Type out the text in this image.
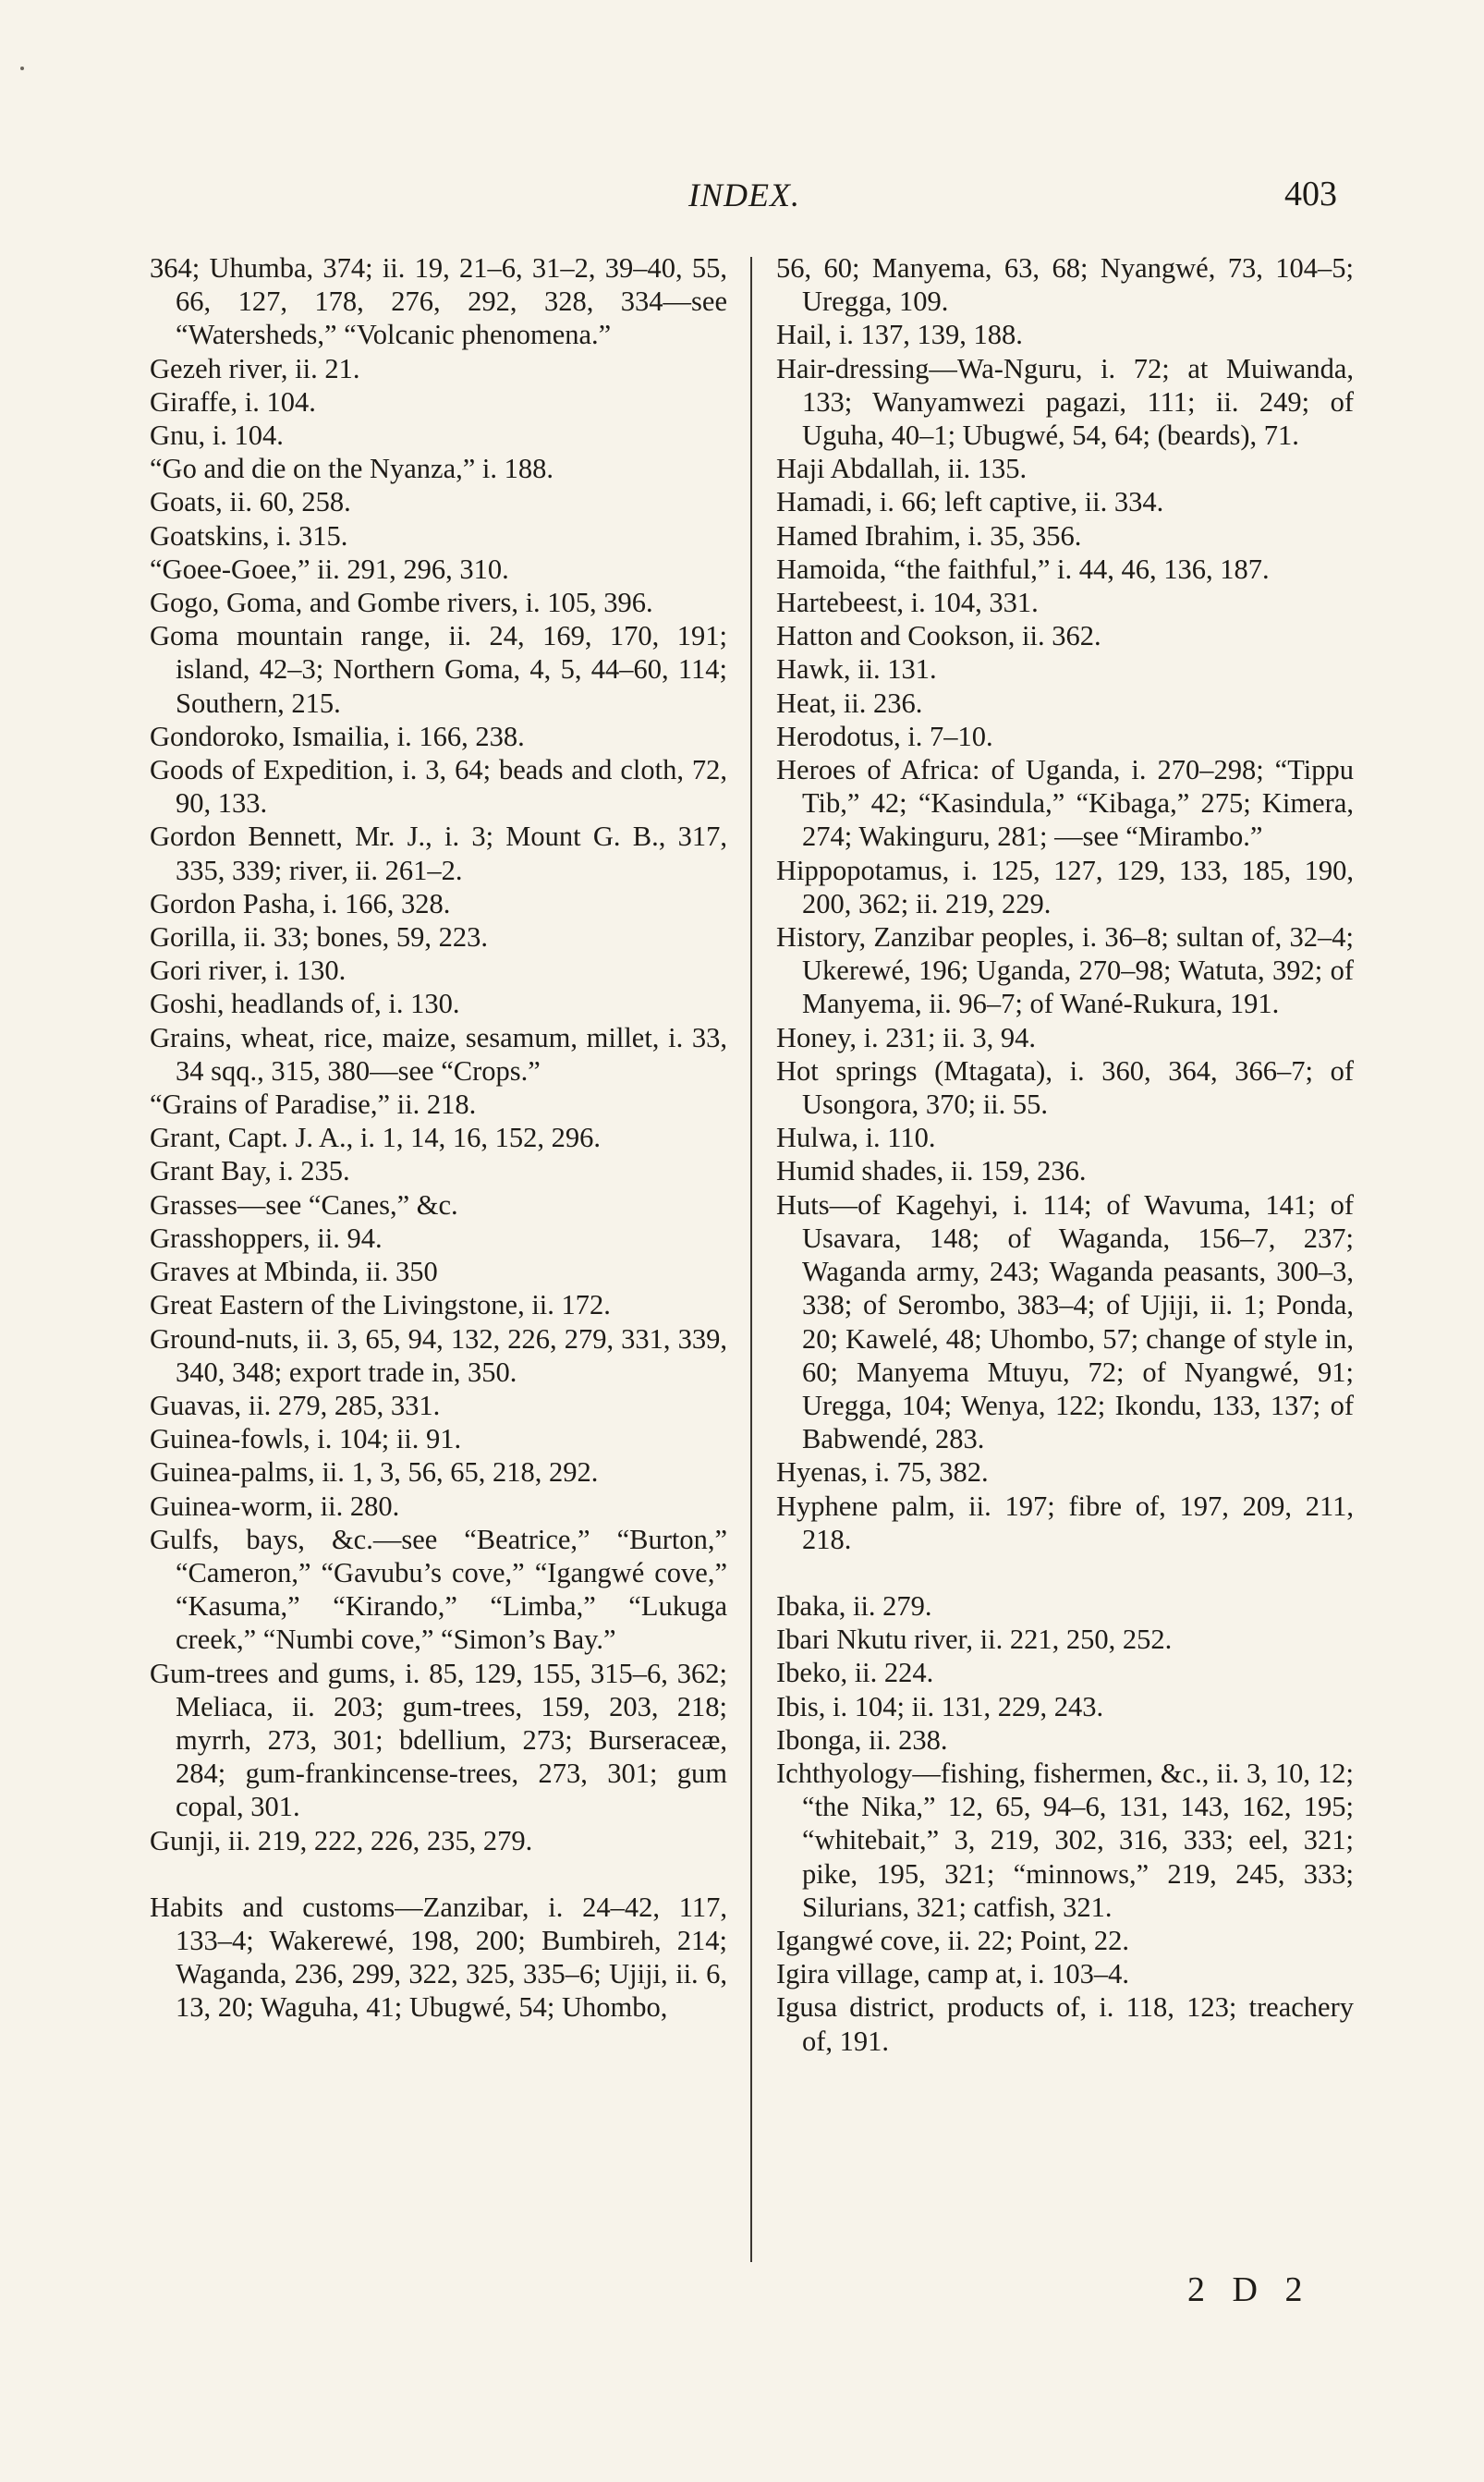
INDEX.	403

364; Uhumba, 374; ii. 19, 21–6, 31–2, 39–40, 55, 66, 127, 178, 276, 292, 328, 334—see “Watersheds,” “Volcanic phenomena.”

Gezeh river, ii. 21.

Giraffe, i. 104.

Gnu, i. 104.

“Go and die on the Nyanza,” i. 188.

Goats, ii. 60, 258.

Goatskins, i. 315.

“Goee-Goee,” ii. 291, 296, 310.

Gogo, Goma, and Gombe rivers, i. 105, 396.

Goma mountain range, ii. 24, 169, 170, 191; island, 42–3; Northern Goma, 4, 5, 44–60, 114; Southern, 215.

Gondoroko, Ismailia, i. 166, 238.

Goods of Expedition, i. 3, 64; beads and cloth, 72, 90, 133.

Gordon Bennett, Mr. J., i. 3; Mount G. B., 317, 335, 339; river, ii. 261–2.

Gordon Pasha, i. 166, 328.

Gorilla, ii. 33; bones, 59, 223.

Gori river, i. 130.

Goshi, headlands of, i. 130.

Grains, wheat, rice, maize, sesamum, millet, i. 33, 34 sqq., 315, 380—see “Crops.”

“Grains of Paradise,” ii. 218.

Grant, Capt. J. A., i. 1, 14, 16, 152, 296.

Grant Bay, i. 235.

Grasses—see “Canes,” &c.

Grasshoppers, ii. 94.

Graves at Mbinda, ii. 350

Great Eastern of the Livingstone, ii. 172.

Ground-nuts, ii. 3, 65, 94, 132, 226, 279, 331, 339, 340, 348; export trade in, 350.

Guavas, ii. 279, 285, 331.

Guinea-fowls, i. 104; ii. 91.

Guinea-palms, ii. 1, 3, 56, 65, 218, 292.

Guinea-worm, ii. 280.

Gulfs, bays, &c.—see “Beatrice,” “Burton,” “Cameron,” “Gavubu’s cove,” “Igangwé cove,” “Kasuma,” “Kirando,” “Limba,” “Lukuga creek,” “Numbi cove,” “Simon’s Bay.”

Gum-trees and gums, i. 85, 129, 155, 315–6, 362; Meliaca, ii. 203; gum-trees, 159, 203, 218; myrrh, 273, 301; bdellium, 273; Burseraceæ, 284; gum-frankincense-trees, 273, 301; gum copal, 301.

Gunji, ii. 219, 222, 226, 235, 279.

Habits and customs—Zanzibar, i. 24–42, 117, 133–4; Wakerewé, 198, 200; Bumbireh, 214; Waganda, 236, 299, 322, 325, 335–6; Ujiji, ii. 6, 13, 20; Waguha, 41; Ubugwé, 54; Uhombo,

56, 60; Manyema, 63, 68; Nyangwé, 73, 104–5; Uregga, 109.

Hail, i. 137, 139, 188.

Hair-dressing—Wa-Nguru, i. 72; at Muiwanda, 133; Wanyamwezi pagazi, 111; ii. 249; of Uguha, 40–1; Ubugwé, 54, 64; (beards), 71.

Haji Abdallah, ii. 135.

Hamadi, i. 66; left captive, ii. 334.

Hamed Ibrahim, i. 35, 356.

Hamoida, “the faithful,” i. 44, 46, 136, 187.

Hartebeest, i. 104, 331.

Hatton and Cookson, ii. 362.

Hawk, ii. 131.

Heat, ii. 236.

Herodotus, i. 7–10.

Heroes of Africa: of Uganda, i. 270–298; “Tippu Tib,” 42; “Kasindula,” “Kibaga,” 275; Kimera, 274; Wakinguru, 281; —see “Mirambo.”

Hippopotamus, i. 125, 127, 129, 133, 185, 190, 200, 362; ii. 219, 229.

History, Zanzibar peoples, i. 36–8; sultan of, 32–4; Ukerewé, 196; Uganda, 270–98; Watuta, 392; of Manyema, ii. 96–7; of Wané-Rukura, 191.

Honey, i. 231; ii. 3, 94.

Hot springs (Mtagata), i. 360, 364, 366–7; of Usongora, 370; ii. 55.

Hulwa, i. 110.

Humid shades, ii. 159, 236.

Huts—of Kagehyi, i. 114; of Wavuma, 141; of Usavara, 148; of Waganda, 156–7, 237; Waganda army, 243; Waganda peasants, 300–3, 338; of Serombo, 383–4; of Ujiji, ii. 1; Ponda, 20; Kawelé, 48; Uhombo, 57; change of style in, 60; Manyema Mtuyu, 72; of Nyangwé, 91; Uregga, 104; Wenya, 122; Ikondu, 133, 137; of Babwendé, 283.

Hyenas, i. 75, 382.

Hyphene palm, ii. 197; fibre of, 197, 209, 211, 218.

Ibaka, ii. 279.

Ibari Nkutu river, ii. 221, 250, 252.

Ibeko, ii. 224.

Ibis, i. 104; ii. 131, 229, 243.

Ibonga, ii. 238.

Ichthyology—fishing, fishermen, &c., ii. 3, 10, 12; “the Nika,” 12, 65, 94–6, 131, 143, 162, 195; “whitebait,” 3, 219, 302, 316, 333; eel, 321; pike, 195, 321; “minnows,” 219, 245, 333; Silurians, 321; catfish, 321.

Igangwé cove, ii. 22; Point, 22.

Igira village, camp at, i. 103–4.

Igusa district, products of, i. 118, 123; treachery of, 191.

2 D 2
